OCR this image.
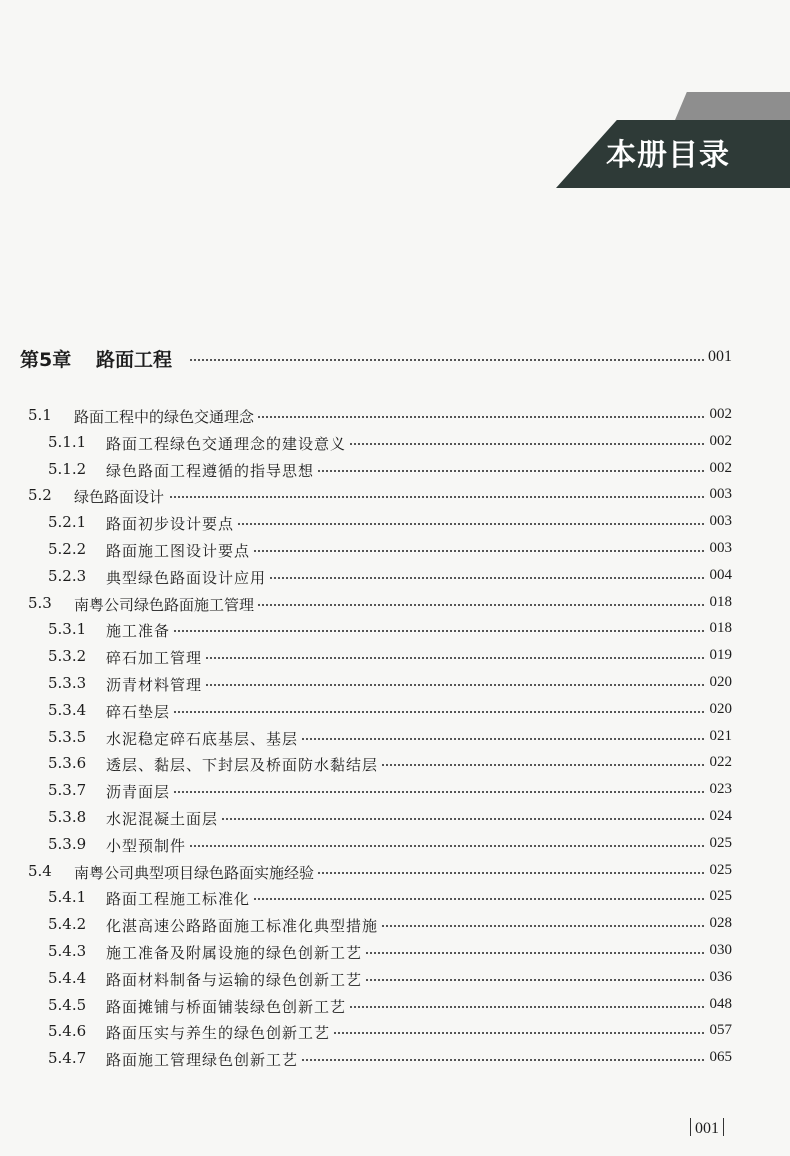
本册目录
第5章 路面工程	001
5.1 路面工程中的绿色交通理念	002
5.1.1 路面工程绿色交通理念的建设意义	002
5.1.2 绿色路面工程遵循的指导思想	002
5.2 绿色路面设计	003
5.2.1 路面初步设计要点	003
5.2.2 路面施工图设计要点	003
5.2.3 典型绿色路面设计应用	004
5.3 南粤公司绿色路面施工管理	018
5.3.1 施工准备	018
5.3.2 碎石加工管理	019
5.3.3 沥青材料管理	020
5.3.4 碎石垫层	020
5.3.5 水泥稳定碎石底基层、基层	021
5.3.6 透层、黏层、下封层及桥面防水黏结层	022
5.3.7 沥青面层	023
5.3.8 水泥混凝土面层	024
5.3.9 小型预制件	025
5.4 南粤公司典型项目绿色路面实施经验	025
5.4.1 路面工程施工标准化	025
5.4.2 化湛高速公路路面施工标准化典型措施	028
5.4.3 施工准备及附属设施的绿色创新工艺	030
5.4.4 路面材料制备与运输的绿色创新工艺	036
5.4.5 路面摊铺与桥面铺装绿色创新工艺	048
5.4.6 路面压实与养生的绿色创新工艺	057
5.4.7 路面施工管理绿色创新工艺	065
001
